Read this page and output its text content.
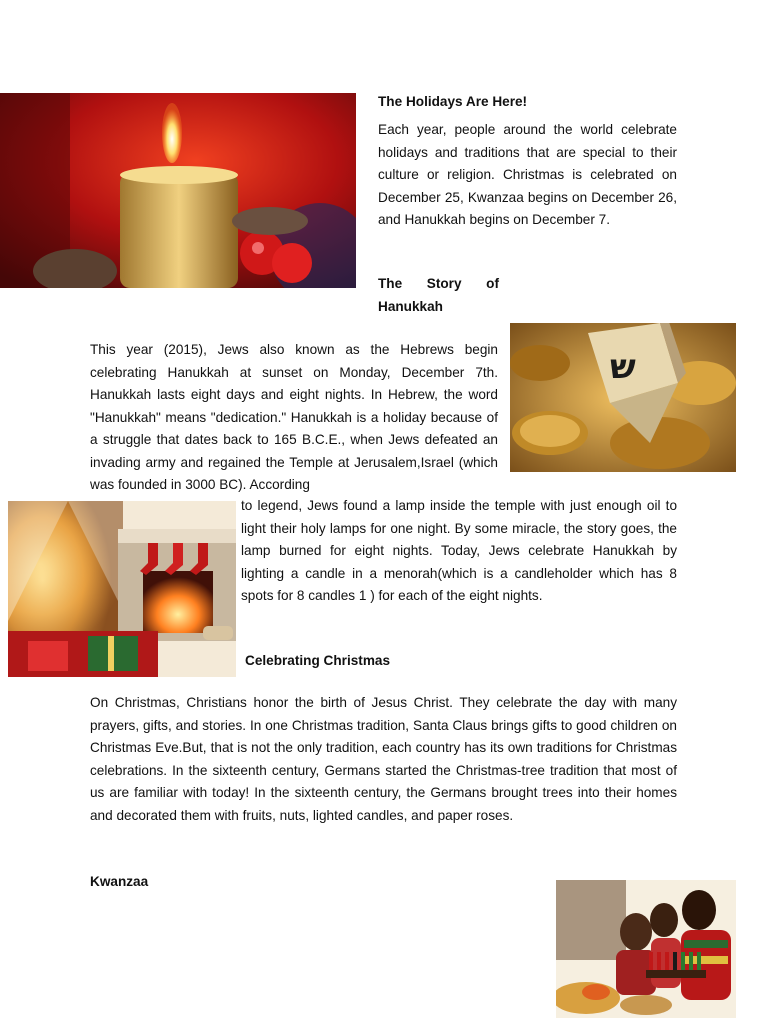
The Holidays Are Here!
Each year, people around the world celebrate holidays and traditions that are special to their culture or religion. Christmas is celebrated on December 25, Kwanzaa begins on December 26, and Hanukkah begins on December 7.
The Story of
Hanukkah
ש
This year (2015), Jews also known as the Hebrews begin celebrating Hanukkah at sunset on Monday, December 7th. Hanukkah lasts eight days and eight nights. In Hebrew, the word "Hanukkah" means "dedication." Hanukkah is a holiday because of a struggle that dates back to 165 B.C.E., when Jews defeated an invading army and regained the Temple at Jerusalem,Israel (which was founded in 3000 BC). According
to legend, Jews found a lamp inside the temple with just enough oil to light their holy lamps for one night. By some miracle, the story goes, the lamp burned for eight nights. Today, Jews celebrate Hanukkah by lighting a candle in a menorah(which is a candleholder which has 8 spots for 8 candles 1 ) for each of the eight nights.
Celebrating Christmas
On Christmas, Christians honor the birth of Jesus Christ. They celebrate the day with many prayers, gifts, and stories. In one Christmas tradition, Santa Claus brings gifts to good children on Christmas Eve.But, that is not the only tradition, each country has its own traditions for Christmas celebrations. In the sixteenth century, Germans started the Christmas-tree tradition that most of us are familiar with today! In the sixteenth century, the Germans brought trees into their homes and decorated them with fruits, nuts, lighted candles, and paper roses.
Kwanzaa
